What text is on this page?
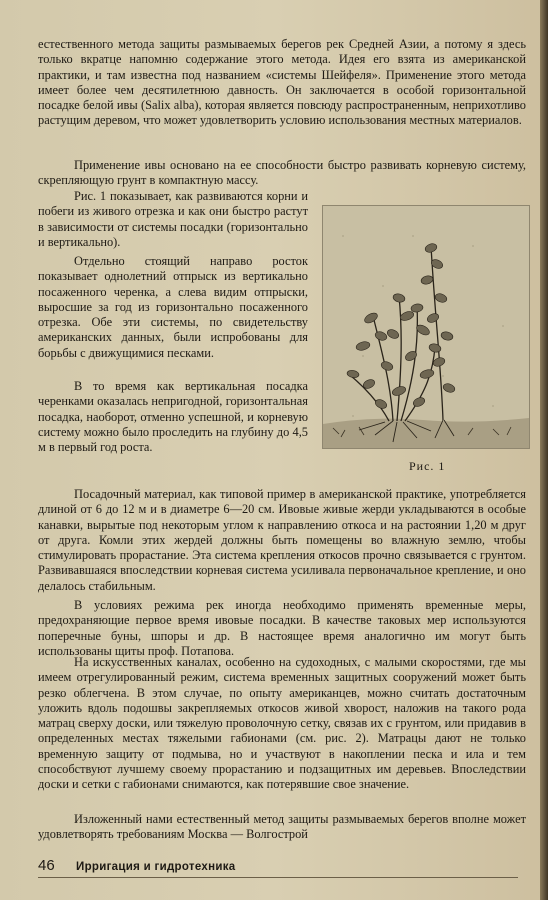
естественного метода защиты размываемых берегов рек Средней Азии, а потому я здесь только вкратце напомню содержание этого метода. Идея его взята из американской практики, и там известна под названием «системы Шейфеля». Применение этого метода имеет более чем десятилетнюю давность. Он заключается в особой горизонтальной посадке белой ивы (Salix alba), которая является повсюду распространенным, неприхотливо растущим деревом, что может удовлетворить условию использования местных материалов.

Применение ивы основано на ее способности быстро развивать корневую систему, скрепляющую грунт в компактную массу.

Рис. 1 показывает, как развиваются корни и побеги из живого отрезка и как они быстро растут в зависимости от системы посадки (горизонтально и вертикально).

Отдельно стоящий направо росток показывает однолетний отпрыск из вертикально посаженного черенка, а слева видим отпрыски, выросшие за год из горизонтально посаженного отрезка. Обе эти системы, по свидетельству американских данных, были испробованы для борьбы с движущимися песками.

В то время как вертикальная посадка черенками оказалась непригодной, горизонтальная посадка, наоборот, отменно успешной, и корневую систему можно было проследить на глубину до 4,5 м в первый год роста.

Рис. 1

Посадочный материал, как типовой пример в американской практике, употребляется длиной от 6 до 12 м и в диаметре 6—20 см. Ивовые живые жерди укладываются в особые канавки, вырытые под некоторым углом к направлению откоса и на растоянии 1,20 м друг от друга. Комли этих жердей должны быть помещены во влажную землю, чтобы стимулировать прорастание. Эта система крепления откосов прочно связывается с грунтом. Развивавшаяся впоследствии корневая система усиливала первоначальное крепление, и оно делалось стабильным.

В условиях режима рек иногда необходимо применять временные меры, предохраняющие первое время ивовые посадки. В качестве таковых мер используются поперечные буны, шпоры и др. В настоящее время аналогично им могут быть использованы щиты проф. Потапова.

На искусственных каналах, особенно на судоходных, с малыми скоростями, где мы имеем отрегулированный режим, система временных защитных сооружений может быть резко облегчена. В этом случае, по опыту американцев, можно считать достаточным уложить вдоль подошвы закрепляемых откосов живой хворост, наложив на такого рода матрац сверху доски, или тяжелую проволочную сетку, связав их с грунтом, или придавив в определенных местах тяжелыми габионами (см. рис. 2). Матрацы дают не только временную защиту от подмыва, но и участвуют в накоплении песка и ила и тем способствуют лучшему своему прорастанию и подзащитных им деревьев. Впоследствии доски и сетки с габионами снимаются, как потерявшие свое значение.

Изложенный нами естественный метод защиты размываемых берегов вполне может удовлетворять требованиям Москва — Волгострой

46 Ирригация и гидротехника
